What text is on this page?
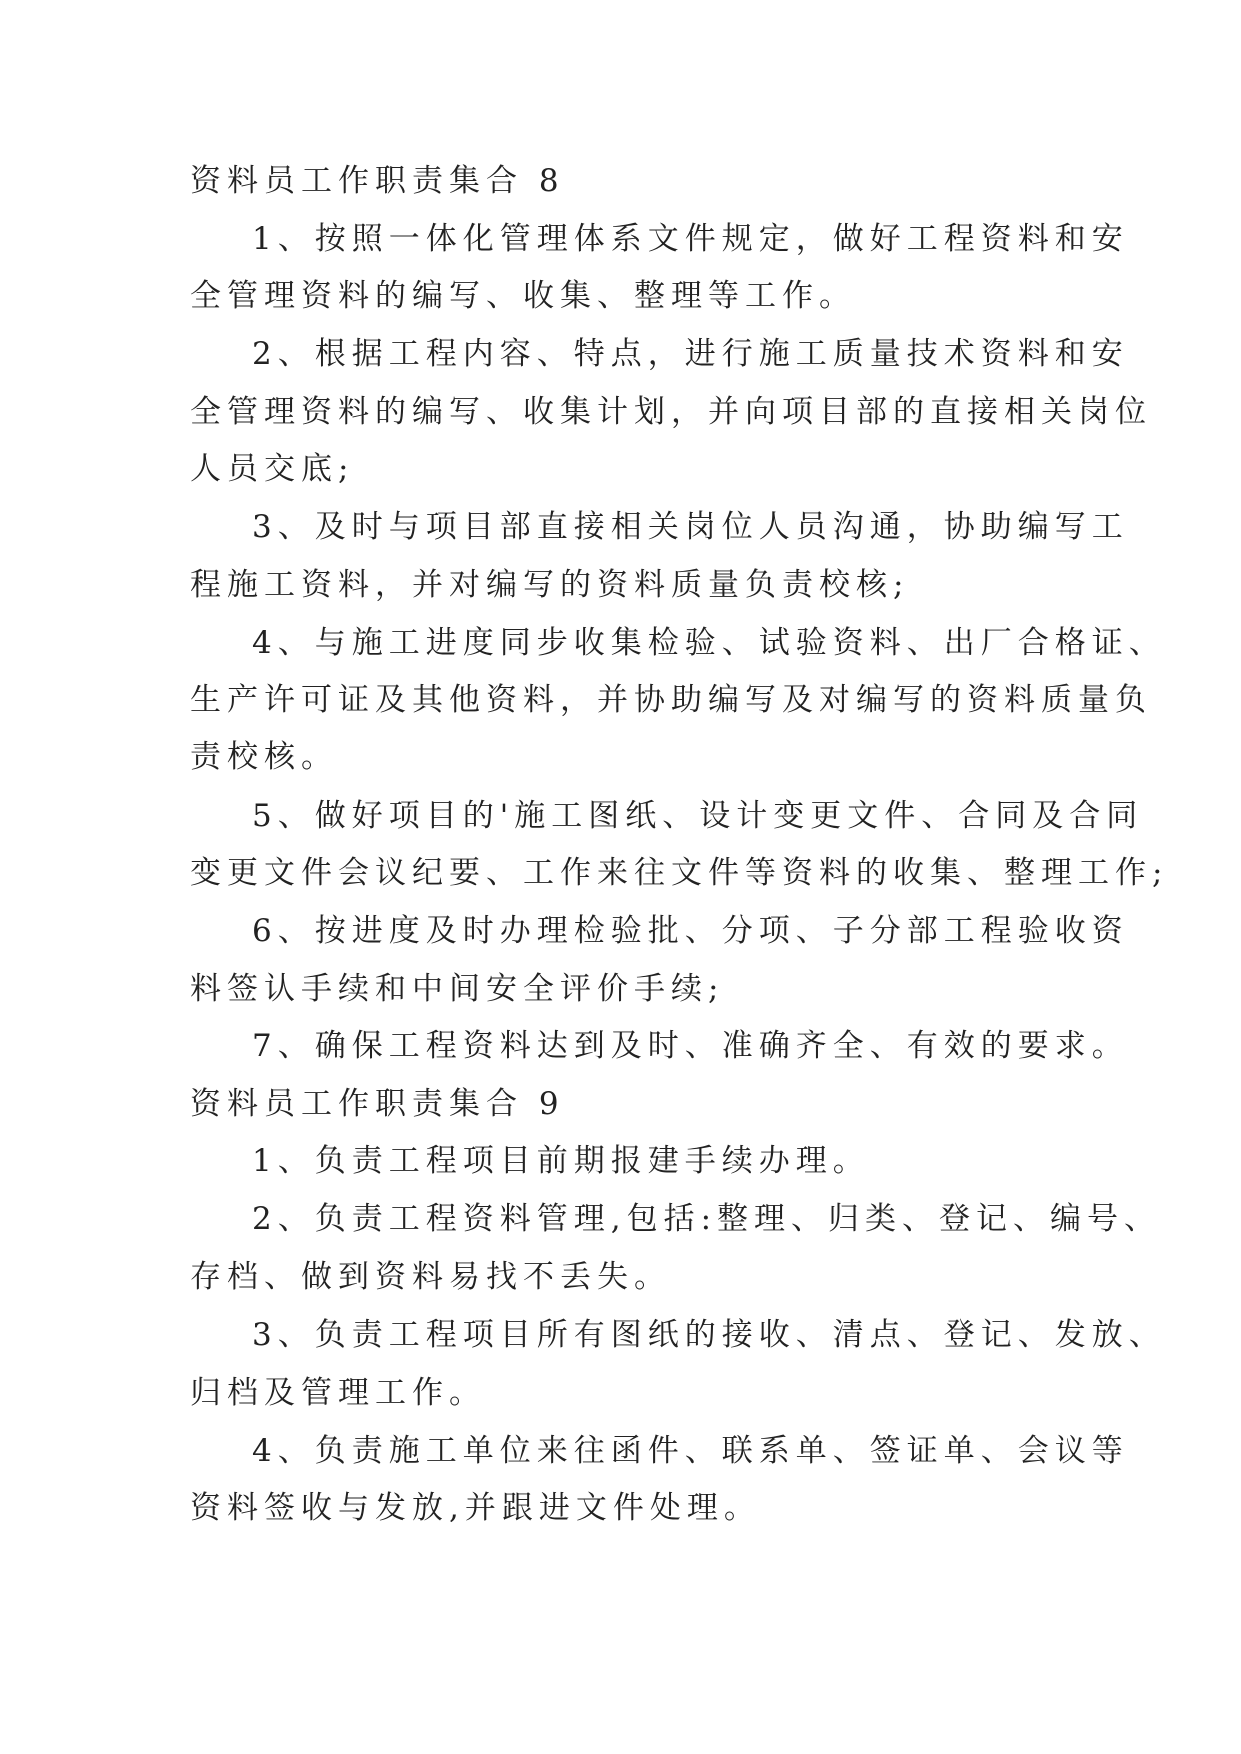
资料员工作职责集合 8
1、按照一体化管理体系文件规定，做好工程资料和安
全管理资料的编写、收集、整理等工作。
2、根据工程内容、特点，进行施工质量技术资料和安
全管理资料的编写、收集计划，并向项目部的直接相关岗位
人员交底;
3、及时与项目部直接相关岗位人员沟通，协助编写工
程施工资料，并对编写的资料质量负责校核;
4、与施工进度同步收集检验、试验资料、出厂合格证、
生产许可证及其他资料，并协助编写及对编写的资料质量负
责校核。
5、做好项目的'施工图纸、设计变更文件、合同及合同
变更文件会议纪要、工作来往文件等资料的收集、整理工作;
6、按进度及时办理检验批、分项、子分部工程验收资
料签认手续和中间安全评价手续;
7、确保工程资料达到及时、准确齐全、有效的要求。
资料员工作职责集合 9
1、负责工程项目前期报建手续办理。
2、负责工程资料管理,包括:整理、归类、登记、编号、
存档、做到资料易找不丢失。
3、负责工程项目所有图纸的接收、清点、登记、发放、
归档及管理工作。
4、负责施工单位来往函件、联系单、签证单、会议等
资料签收与发放,并跟进文件处理。
